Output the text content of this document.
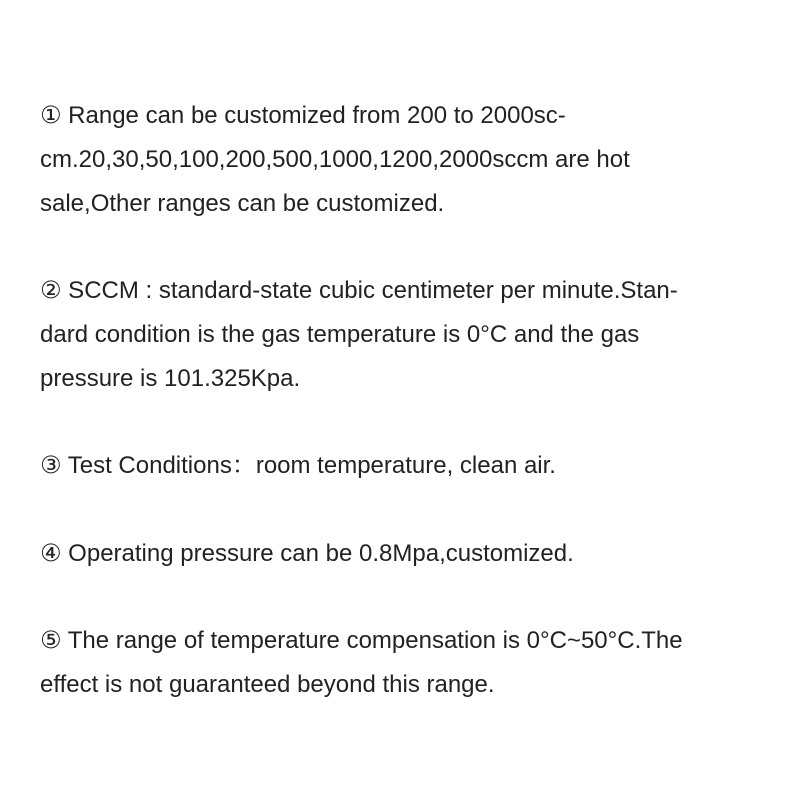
① Range can be customized from 200 to 2000sc-
cm.20,30,50,100,200,500,1000,1200,2000sccm are hot
sale,Other ranges can be customized.
② SCCM : standard-state cubic centimeter per minute.Stan-
dard condition is the gas temperature is 0°C and the gas
pressure is 101.325Kpa.
③ Test Conditions：room temperature, clean air.
④ Operating pressure can be 0.8Mpa,customized.
⑤ The range of temperature compensation is 0°C~50°C.The
effect is not guaranteed beyond this range.
